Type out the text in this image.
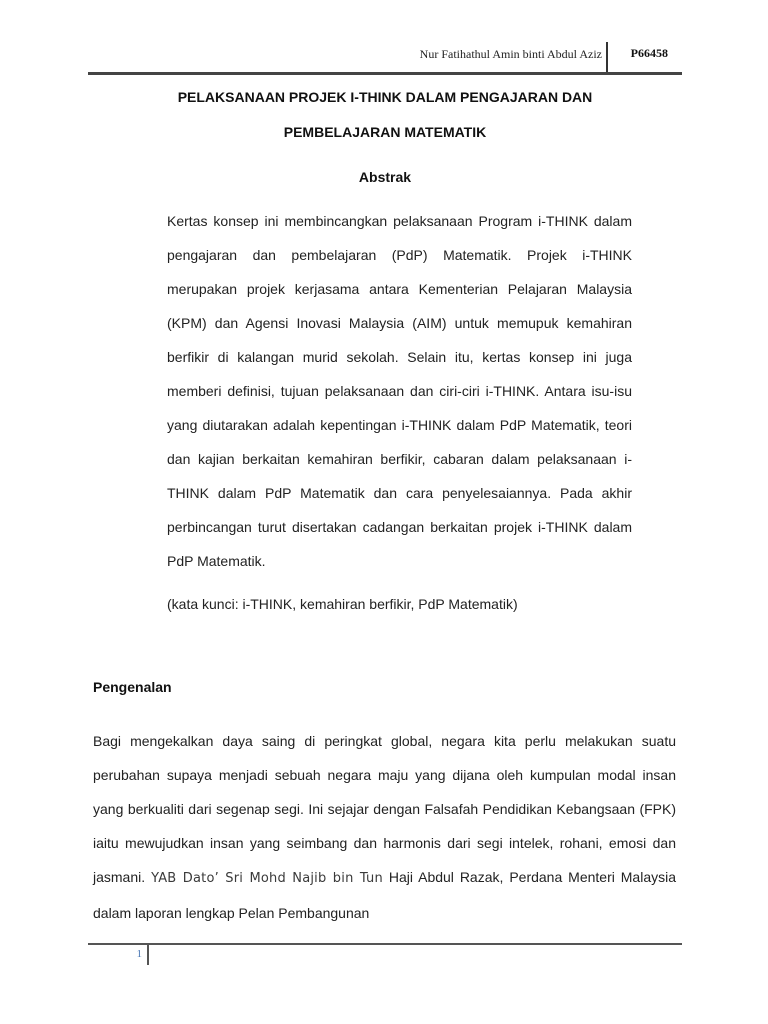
Nur Fatihathul Amin binti Abdul Aziz P66458
PELAKSANAAN PROJEK I-THINK DALAM PENGAJARAN DAN
PEMBELAJARAN MATEMATIK
Abstrak

Kertas konsep ini membincangkan pelaksanaan Program i-THINK dalam pengajaran dan pembelajaran (PdP) Matematik. Projek i-THINK merupakan projek kerjasama antara Kementerian Pelajaran Malaysia (KPM) dan Agensi Inovasi Malaysia (AIM) untuk memupuk kemahiran berfikir di kalangan murid sekolah. Selain itu, kertas konsep ini juga memberi definisi, tujuan pelaksanaan dan ciri-ciri i-THINK. Antara isu-isu yang diutarakan adalah kepentingan i-THINK dalam PdP Matematik, teori dan kajian berkaitan kemahiran berfikir, cabaran dalam pelaksanaan i-THINK dalam PdP Matematik dan cara penyelesaiannya. Pada akhir perbincangan turut disertakan cadangan berkaitan projek i-THINK dalam PdP Matematik.

(kata kunci: i-THINK, kemahiran berfikir, PdP Matematik)

Pengenalan

Bagi mengekalkan daya saing di peringkat global, negara kita perlu melakukan suatu perubahan supaya menjadi sebuah negara maju yang dijana oleh kumpulan modal insan yang berkualiti dari segenap segi. Ini sejajar dengan Falsafah Pendidikan Kebangsaan (FPK) iaitu mewujudkan insan yang seimbang dan harmonis dari segi intelek, rohani, emosi dan jasmani. YAB Dato’ Sri Mohd Najib bin Tun Haji Abdul Razak, Perdana Menteri Malaysia dalam laporan lengkap Pelan Pembangunan

1
